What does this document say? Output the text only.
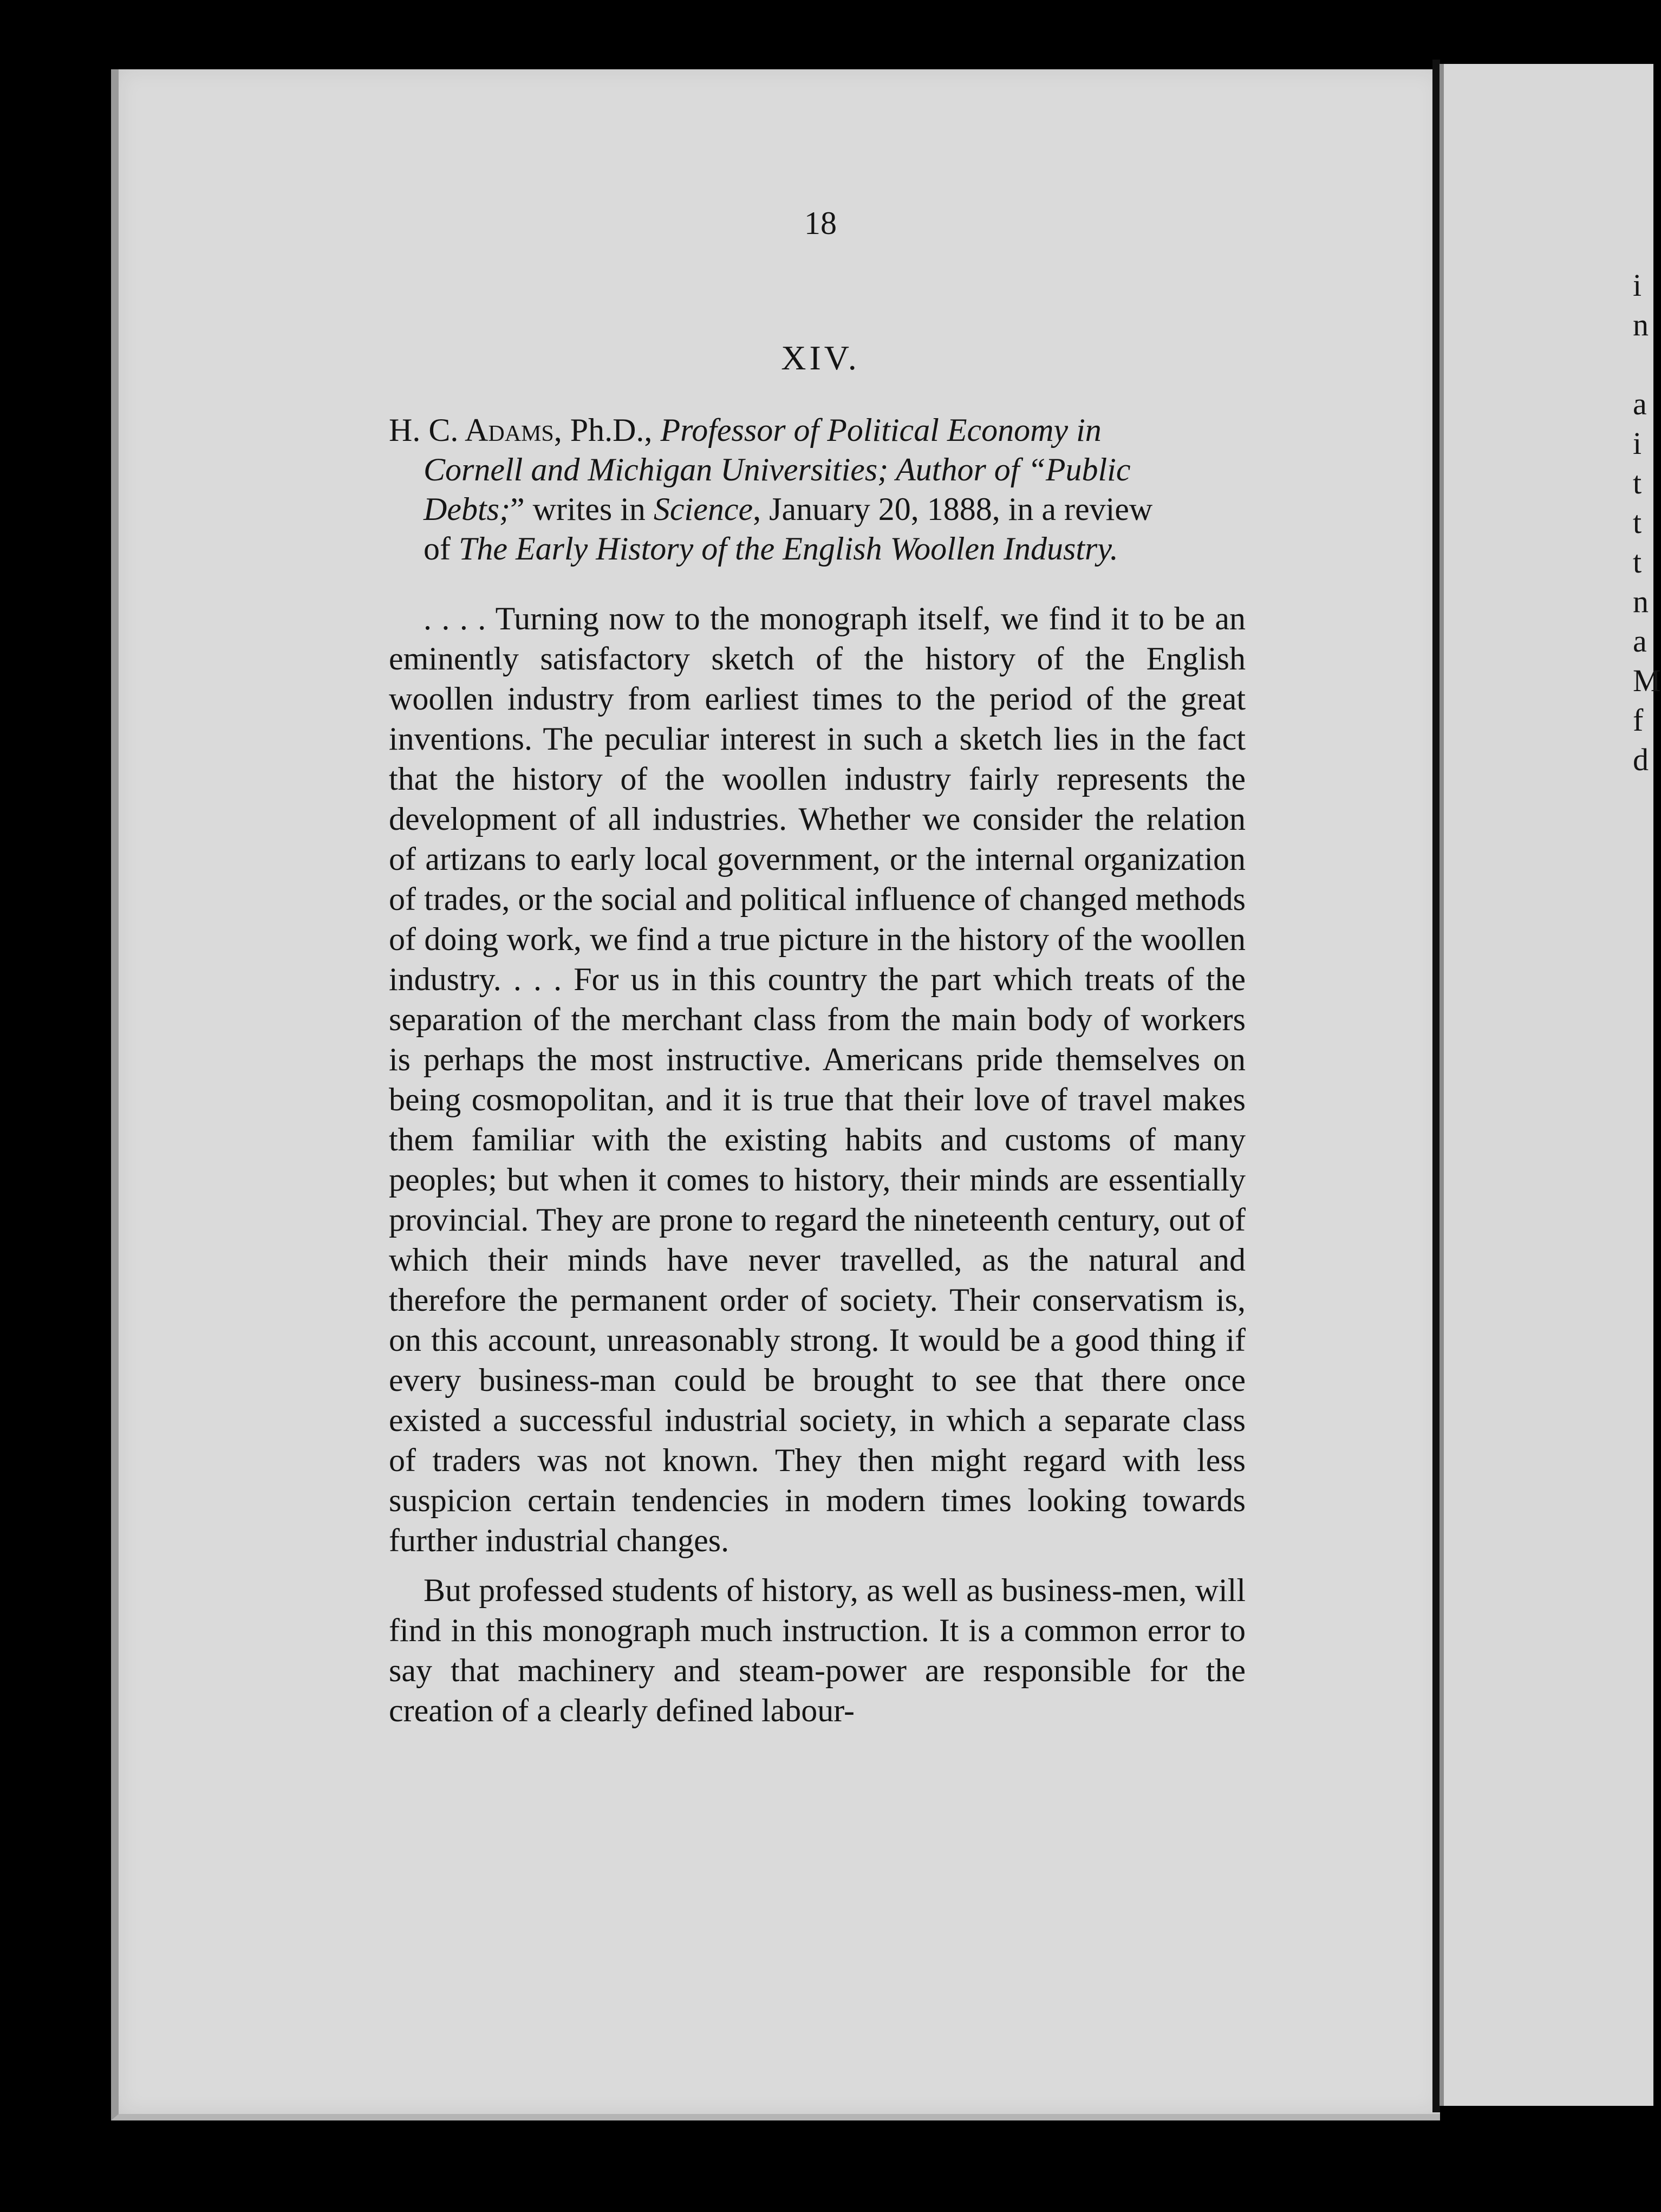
18
XIV.
H. C. Adams, Ph.D., Professor of Political Economy in
Cornell and Michigan Universities; Author of “Public
Debts;” writes in Science, January 20, 1888, in a review
of The Early History of the English Woollen Industry.

. . . . Turning now to the monograph itself, we find it to be an eminently satisfactory sketch of the history of the English woollen industry from earliest times to the period of the great inventions. The peculiar interest in such a sketch lies in the fact that the history of the woollen industry fairly represents the development of all industries. Whether we consider the relation of artizans to early local government, or the internal organization of trades, or the social and political influence of changed methods of doing work, we find a true picture in the history of the woollen industry. . . . For us in this country the part which treats of the separation of the merchant class from the main body of workers is perhaps the most instructive. Americans pride themselves on being cosmopolitan, and it is true that their love of travel makes them familiar with the existing habits and customs of many peoples; but when it comes to history, their minds are essentially provincial. They are prone to regard the nineteenth century, out of which their minds have never travelled, as the natural and therefore the permanent order of society. Their conservatism is, on this account, unreasonably strong. It would be a good thing if every business-man could be brought to see that there once existed a successful industrial society, in which a separate class of traders was not known. They then might regard with less suspicion certain tendencies in modern times looking towards further industrial changes.

But professed students of history, as well as business-men, will find in this monograph much instruction. It is a common error to say that machinery and steam-power are responsible for the creation of a clearly defined labour-

i
n
a
i
t
t
t
n
a
M
f
d
